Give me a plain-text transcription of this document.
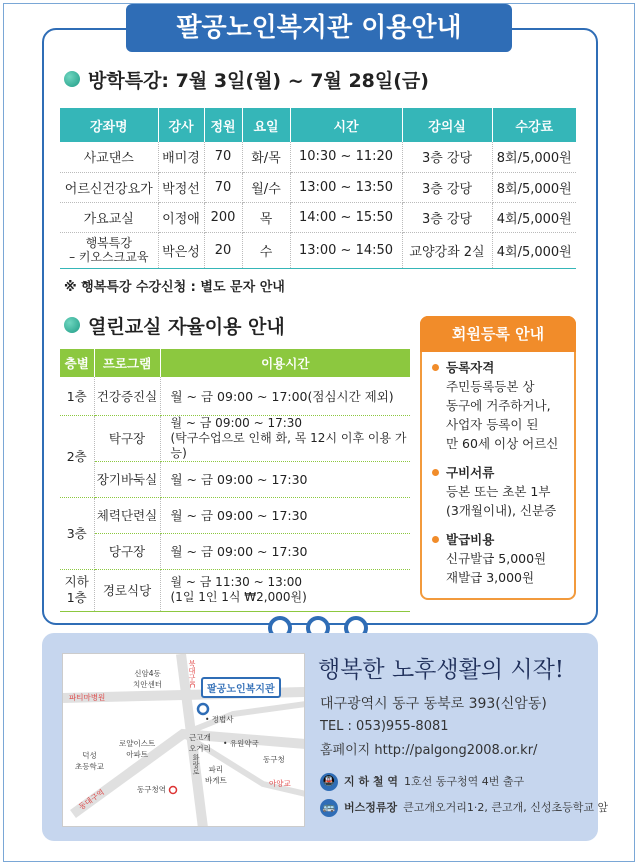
팔공노인복지관 이용안내
방학특강: 7월 3일(월) ~ 7월 28일(금)
강좌명	강사	정원	요일	시간	강의실	수강료
사교댄스	배미경	70	화/목	10:30 ~ 11:20	3층 강당	8회/5,000원
어르신건강요가	박정선	70	월/수	13:00 ~ 13:50	3층 강당	8회/5,000원
가요교실	이정애	200	목	14:00 ~ 15:50	3층 강당	4회/5,000원
행복특강
– 키오스크교육	박은성	20	수	13:00 ~ 14:50	교양강좌 2실	4회/5,000원
※ 행복특강 수강신청 : 별도 문자 안내
열린교실 자율이용 안내
층별	프로그램	이용시간
1층	건강증진실	월 ~ 금 09:00 ~ 17:00(점심시간 제외)
2층	탁구장	월 ~ 금 09:00 ~ 17:30
(탁구수업으로 인해 화, 목 12시 이후 이용 가능)
	장기바둑실	월 ~ 금 09:00 ~ 17:30
3층	체력단련실	월 ~ 금 09:00 ~ 17:30
	당구장	월 ~ 금 09:00 ~ 17:30
지하
1층	경로식당	월 ~ 금 11:30 ~ 13:00
(1일 1인 1식 ₩2,000원)
회원등록 안내
등록자격
주민등록등본 상
동구에 거주하거나,
사업자 등록이 된
만 60세 이상 어르신
구비서류
등본 또는 초본 1부
(3개월이내), 신분증
발급비용
신규발급 5,000원
재발급 3,000원
팔공노인복지관
신암4동
치안센터
파티마병원
북대구IC
• 정법사
근고개
오거리
• 유원약국
로얄이스트
아파트
덕성
초등학교
동대구역	동구청역
파리
바게트
동구청
아양교
화랑로
행복한 노후생활의 시작!
대구광역시 동구 동북로 393(신암동)
TEL : 053)955-8081
홈페이지 http://palgong2008.or.kr/
🚇 지 하 철 역 1호선 동구청역 4번 출구
🚌 버스정류장 큰고개오거리1·2, 큰고개, 신성초등학교 앞
